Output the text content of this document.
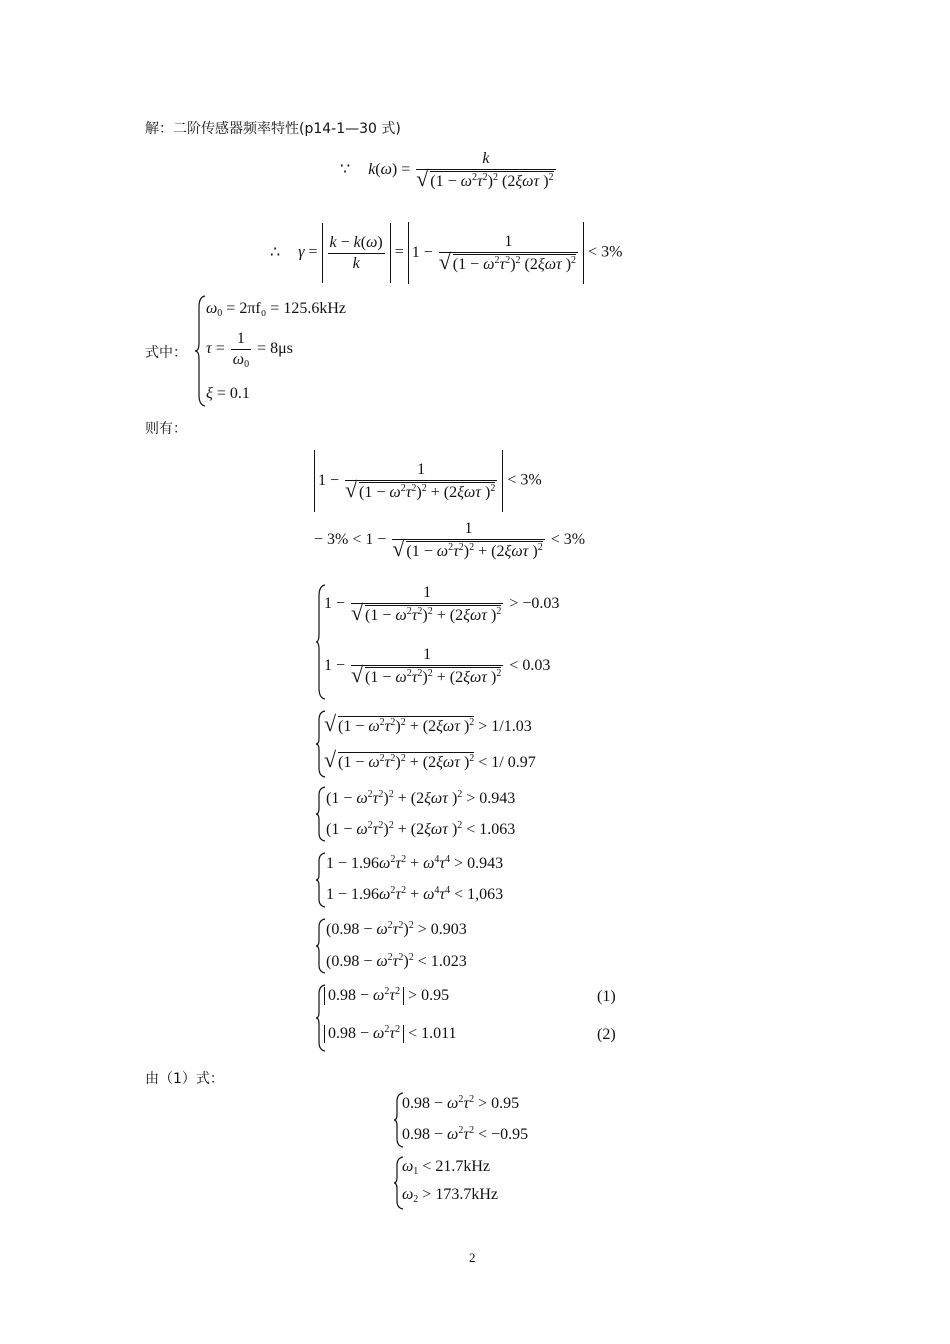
解：二阶传感器频率特性(p14-1—30 式)
∵ k(ω) = k
√ $(1 - \omega^2\tau^2)^2$ (2ξωτ )$^2$
∴ $\gamma = \frac{k - k(\omega)}{k} = 1 - 1$
√ $(1 - \omega^2\tau^2)^2$ (2ξωτ )$^2$ < 3%
式中：
$\omega_0 = 2\pi f_0 = 125.6kHz$
$\tau = \frac{1}{\omega_0} = 8\mu s$
ξ = 0.1
则有：
1 − 1
√ $(1 - \omega^2\tau^2)^2 + (2\xi\omega\tau$ )$^2$ < 3%
− 3% < 1 − 1
√ $(1 - \omega^2\tau^2)^2 + (2\xi\omega\tau$ )$^2$ < 3%
1 − 1
√ $(1 - \omega^2\tau^2)^2 + (2\xi\omega\tau$ )$^2$ > −0.03
1 − 1
√ $(1 - \omega^2\tau^2)^2 + (2\xi\omega\tau$ )$^2$ < 0.03
√ $(1 - \omega^2\tau^2)^2 + (2\xi\omega\tau$ )$^2$ > 1/1.03
√ $(1 - \omega^2\tau^2)^2 + (2\xi\omega\tau$ )$^2$ < 1/ 0.97
$(1 - \omega^2\tau^2)^2 + (2\xi\omega\tau$ )$^2$ > 0.943
$(1 - \omega^2\tau^2)^2 + (2\xi\omega\tau$ )$^2$ < 1.063
$1 - 1.96\omega^2\tau^2 + \omega^4\tau^4 > 0.943$
$1 - 1.96\omega^2\tau^2 + \omega^4\tau^4 < 1,063$
$(0.98 - \omega^2\tau^2)^2 > 0.903$
$(0.98 - \omega^2\tau^2)^2 < 1.023$
$0.98 - \omega^2\tau^2 > 0.95$
$0.98 - \omega^2\tau^2 < 1.011$
(1)
(2)
由（1）式：
$0.98 - \omega^2\tau^2 > 0.95$
$0.98 - \omega^2\tau^2 < -0.95$
$\omega_1 < 21.7kHz$
$\omega_2 > 173.7kHz$
2
